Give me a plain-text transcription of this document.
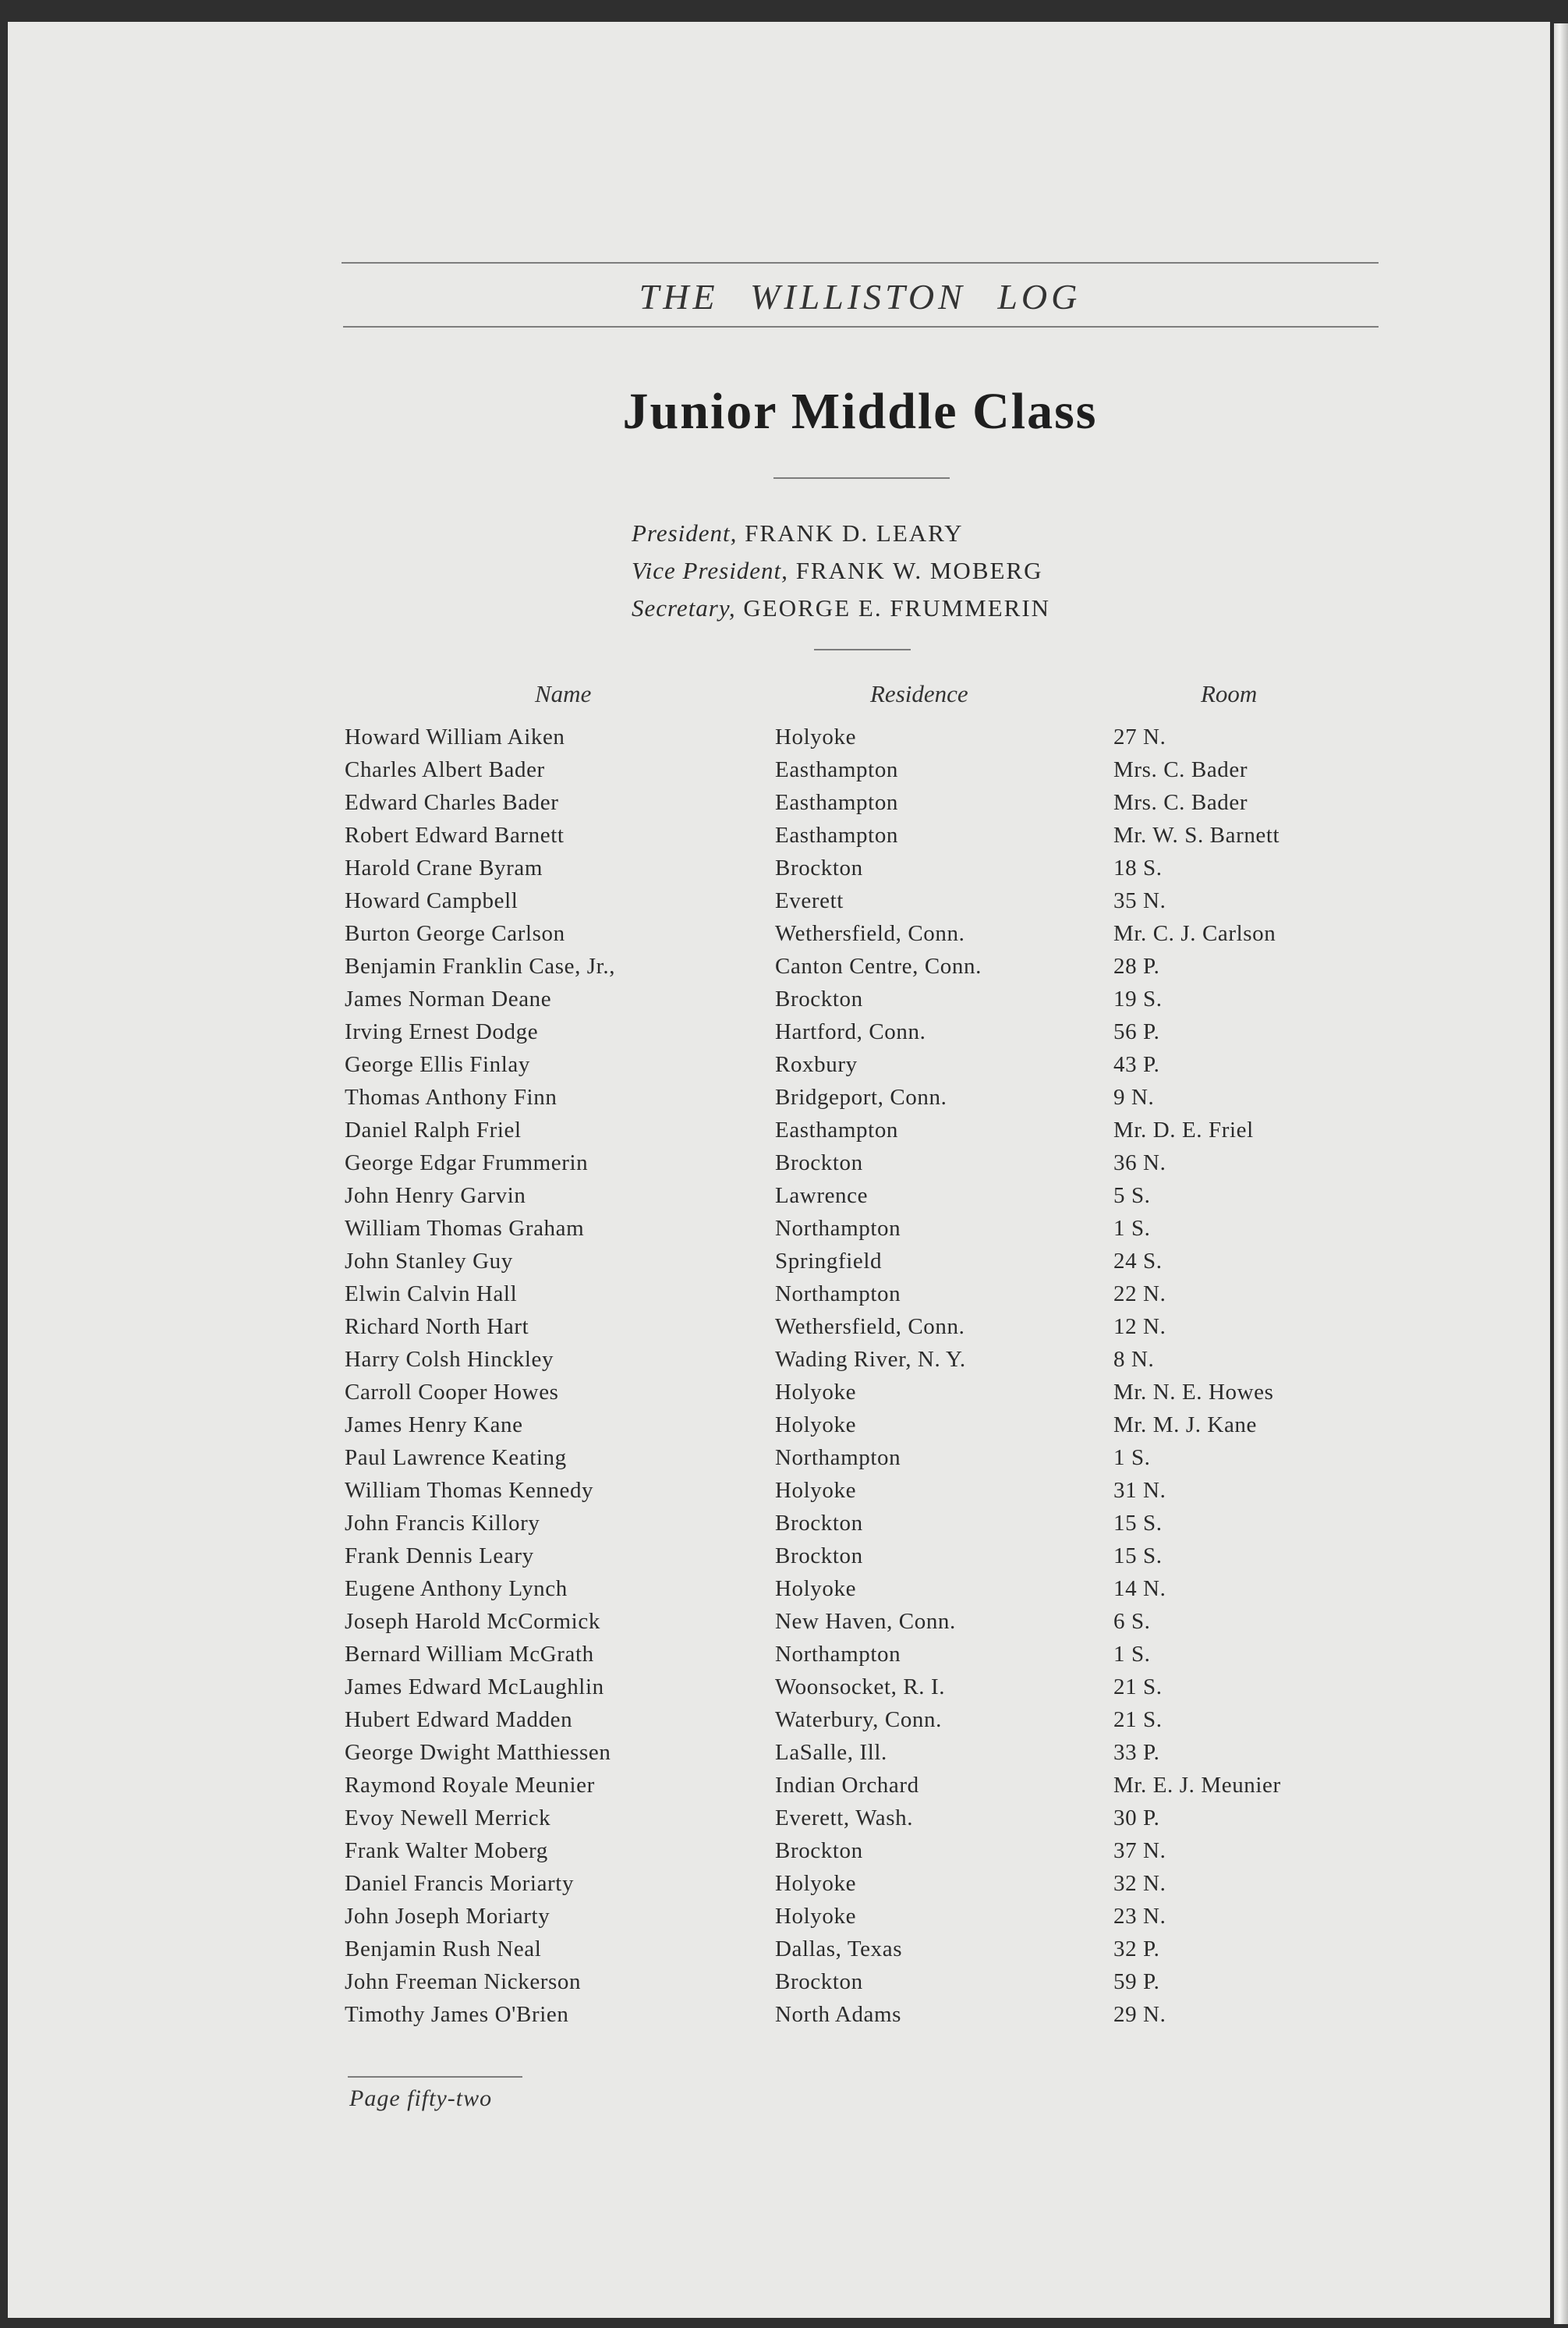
THE WILLISTON LOG
Junior Middle Class
President, FRANK D. LEARY
Vice President, FRANK W. MOBERG
Secretary, GEORGE E. FRUMMERIN
Name	Residence	Room
Howard William Aiken	Holyoke	27 N.
Charles Albert Bader	Easthampton	Mrs. C. Bader
Edward Charles Bader	Easthampton	Mrs. C. Bader
Robert Edward Barnett	Easthampton	Mr. W. S. Barnett
Harold Crane Byram	Brockton	18 S.
Howard Campbell	Everett	35 N.
Burton George Carlson	Wethersfield, Conn.	Mr. C. J. Carlson
Benjamin Franklin Case, Jr.,	Canton Centre, Conn.	28 P.
James Norman Deane	Brockton	19 S.
Irving Ernest Dodge	Hartford, Conn.	56 P.
George Ellis Finlay	Roxbury	43 P.
Thomas Anthony Finn	Bridgeport, Conn.	9 N.
Daniel Ralph Friel	Easthampton	Mr. D. E. Friel
George Edgar Frummerin	Brockton	36 N.
John Henry Garvin	Lawrence	5 S.
William Thomas Graham	Northampton	1 S.
John Stanley Guy	Springfield	24 S.
Elwin Calvin Hall	Northampton	22 N.
Richard North Hart	Wethersfield, Conn.	12 N.
Harry Colsh Hinckley	Wading River, N. Y.	8 N.
Carroll Cooper Howes	Holyoke	Mr. N. E. Howes
James Henry Kane	Holyoke	Mr. M. J. Kane
Paul Lawrence Keating	Northampton	1 S.
William Thomas Kennedy	Holyoke	31 N.
John Francis Killory	Brockton	15 S.
Frank Dennis Leary	Brockton	15 S.
Eugene Anthony Lynch	Holyoke	14 N.
Joseph Harold McCormick	New Haven, Conn.	6 S.
Bernard William McGrath	Northampton	1 S.
James Edward McLaughlin	Woonsocket, R. I.	21 S.
Hubert Edward Madden	Waterbury, Conn.	21 S.
George Dwight Matthiessen	LaSalle, Ill.	33 P.
Raymond Royale Meunier	Indian Orchard	Mr. E. J. Meunier
Evoy Newell Merrick	Everett, Wash.	30 P.
Frank Walter Moberg	Brockton	37 N.
Daniel Francis Moriarty	Holyoke	32 N.
John Joseph Moriarty	Holyoke	23 N.
Benjamin Rush Neal	Dallas, Texas	32 P.
John Freeman Nickerson	Brockton	59 P.
Timothy James O'Brien	North Adams	29 N.
Page fifty-two
